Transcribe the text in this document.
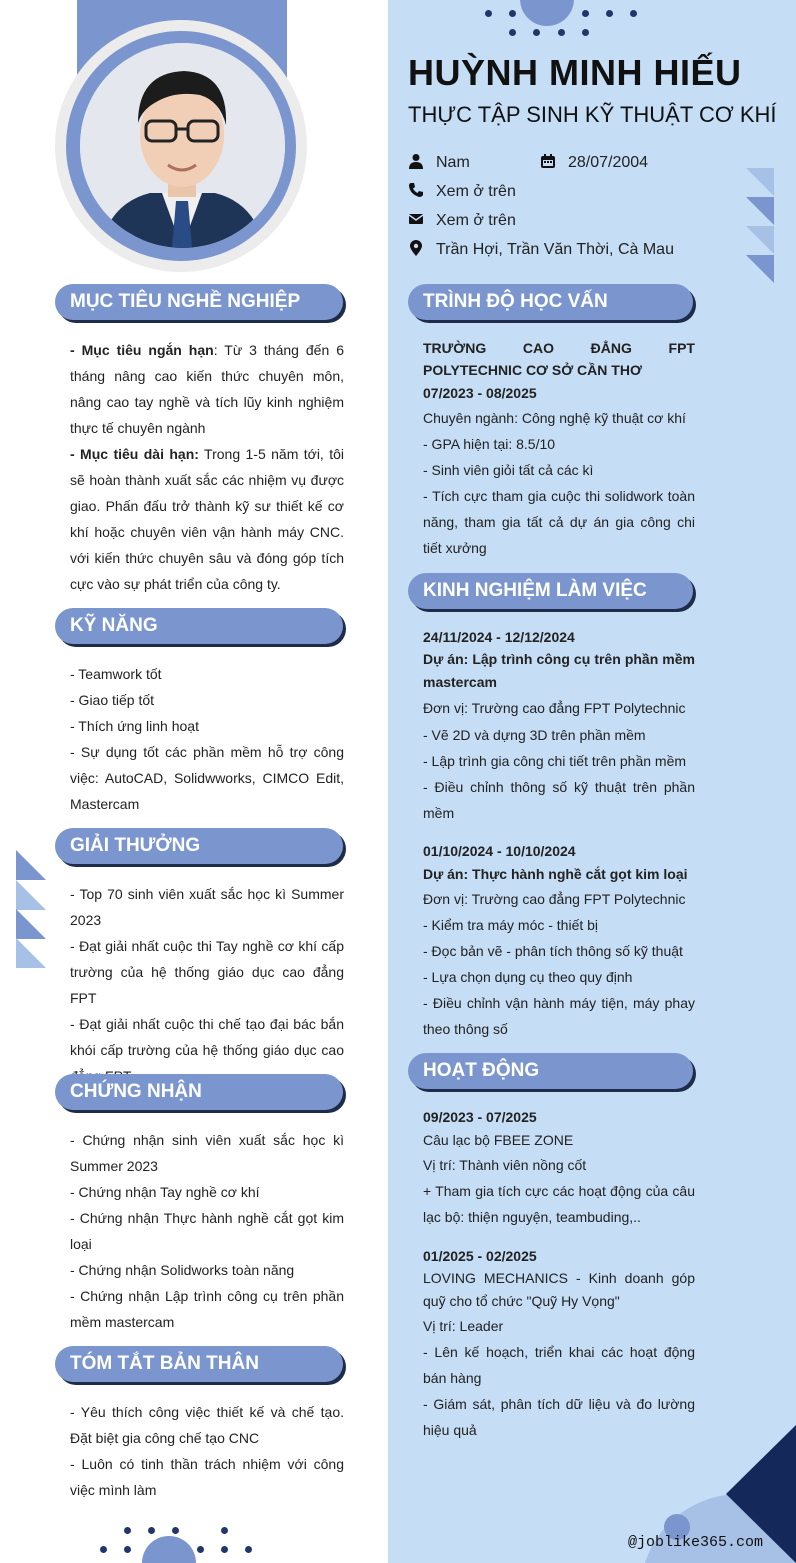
HUỲNH MINH HIẾU
THỰC TẬP SINH KỸ THUẬT CƠ KHÍ
Nam	28/07/2004
Xem ở trên
Xem ở trên
Trần Hợi, Trần Văn Thời, Cà Mau
MỤC TIÊU NGHỀ NGHIỆP

- Mục tiêu ngắn hạn: Từ 3 tháng đến 6 tháng nâng cao kiến thức chuyên môn, nâng cao tay nghề và tích lũy kinh nghiệm thực tế chuyên ngành

- Mục tiêu dài hạn: Trong 1-5 năm tới, tôi sẽ hoàn thành xuất sắc các nhiệm vụ được giao. Phấn đấu trở thành kỹ sư thiết kế cơ khí hoặc chuyên viên vận hành máy CNC. với kiến thức chuyên sâu và đóng góp tích cực vào sự phát triển của công ty.

KỸ NĂNG

- Teamwork tốt

- Giao tiếp tốt

- Thích ứng linh hoạt

- Sự dụng tốt các phần mềm hỗ trợ công việc: AutoCAD, Solidwworks, CIMCO Edit, Mastercam

GIẢI THƯỞNG

- Top 70 sinh viên xuất sắc học kì Summer 2023

- Đạt giải nhất cuộc thi Tay nghề cơ khí cấp trường của hệ thống giáo dục cao đẳng FPT

- Đạt giải nhất cuộc thi chế tạo đại bác bắn khói cấp trường của hệ thống giáo dục cao

CHỨNG NHẬN

- Chứng nhận sinh viên xuất sắc học kì Summer 2023

- Chứng nhận Tay nghề cơ khí

- Chứng nhận Thực hành nghề cắt gọt kim loại

- Chứng nhận Solidworks toàn năng

- Chứng nhận Lập trình công cụ trên phần mềm mastercam

TÓM TẮT BẢN THÂN

- Yêu thích công việc thiết kế và chế tạo. Đặt biệt gia công chế tạo CNC

- Luôn có tinh thần trách nhiệm với công việc mình làm

TRÌNH ĐỘ HỌC VẤN

TRƯỜNG CAO ĐẲNG FPT POLYTECHNIC CƠ SỞ CẦN THƠ

07/2023 - 08/2025

Chuyên ngành: Công nghệ kỹ thuật cơ khí

- GPA hiện tại: 8.5/10

- Sinh viên giỏi tất cả các kì

- Tích cực tham gia cuộc thi solidwork toàn năng, tham gia tất cả dự án gia công chi tiết xưởng

KINH NGHIỆM LÀM VIỆC

24/11/2024 - 12/12/2024

Dự án: Lập trình công cụ trên phần mềm mastercam

Đơn vị: Trường cao đẳng FPT Polytechnic

- Vẽ 2D và dựng 3D trên phần mềm

- Lập trình gia công chi tiết trên phần mềm

- Điều chỉnh thông số kỹ thuật trên phần mềm

01/10/2024 - 10/10/2024

Dự án: Thực hành nghề cắt gọt kim loại

Đơn vị: Trường cao đẳng FPT Polytechnic

- Kiểm tra máy móc - thiết bị

- Đọc bản vẽ - phân tích thông số kỹ thuật

- Lựa chọn dụng cụ theo quy định

- Điều chỉnh vận hành máy tiện, máy phay theo thông số

HOẠT ĐỘNG

09/2023 - 07/2025

Câu lạc bộ FBEE ZONE

Vị trí: Thành viên nồng cốt

+ Tham gia tích cực các hoạt động của câu lạc bộ: thiện nguyện, teambuding,..

01/2025 - 02/2025

LOVING MECHANICS - Kinh doanh góp quỹ cho tổ chức "Quỹ Hy Vọng"

Vị trí: Leader

- Lên kế hoạch, triển khai các hoạt động bán hàng

- Giám sát, phân tích dữ liệu và đo lường hiệu quả

@joblike365.com
